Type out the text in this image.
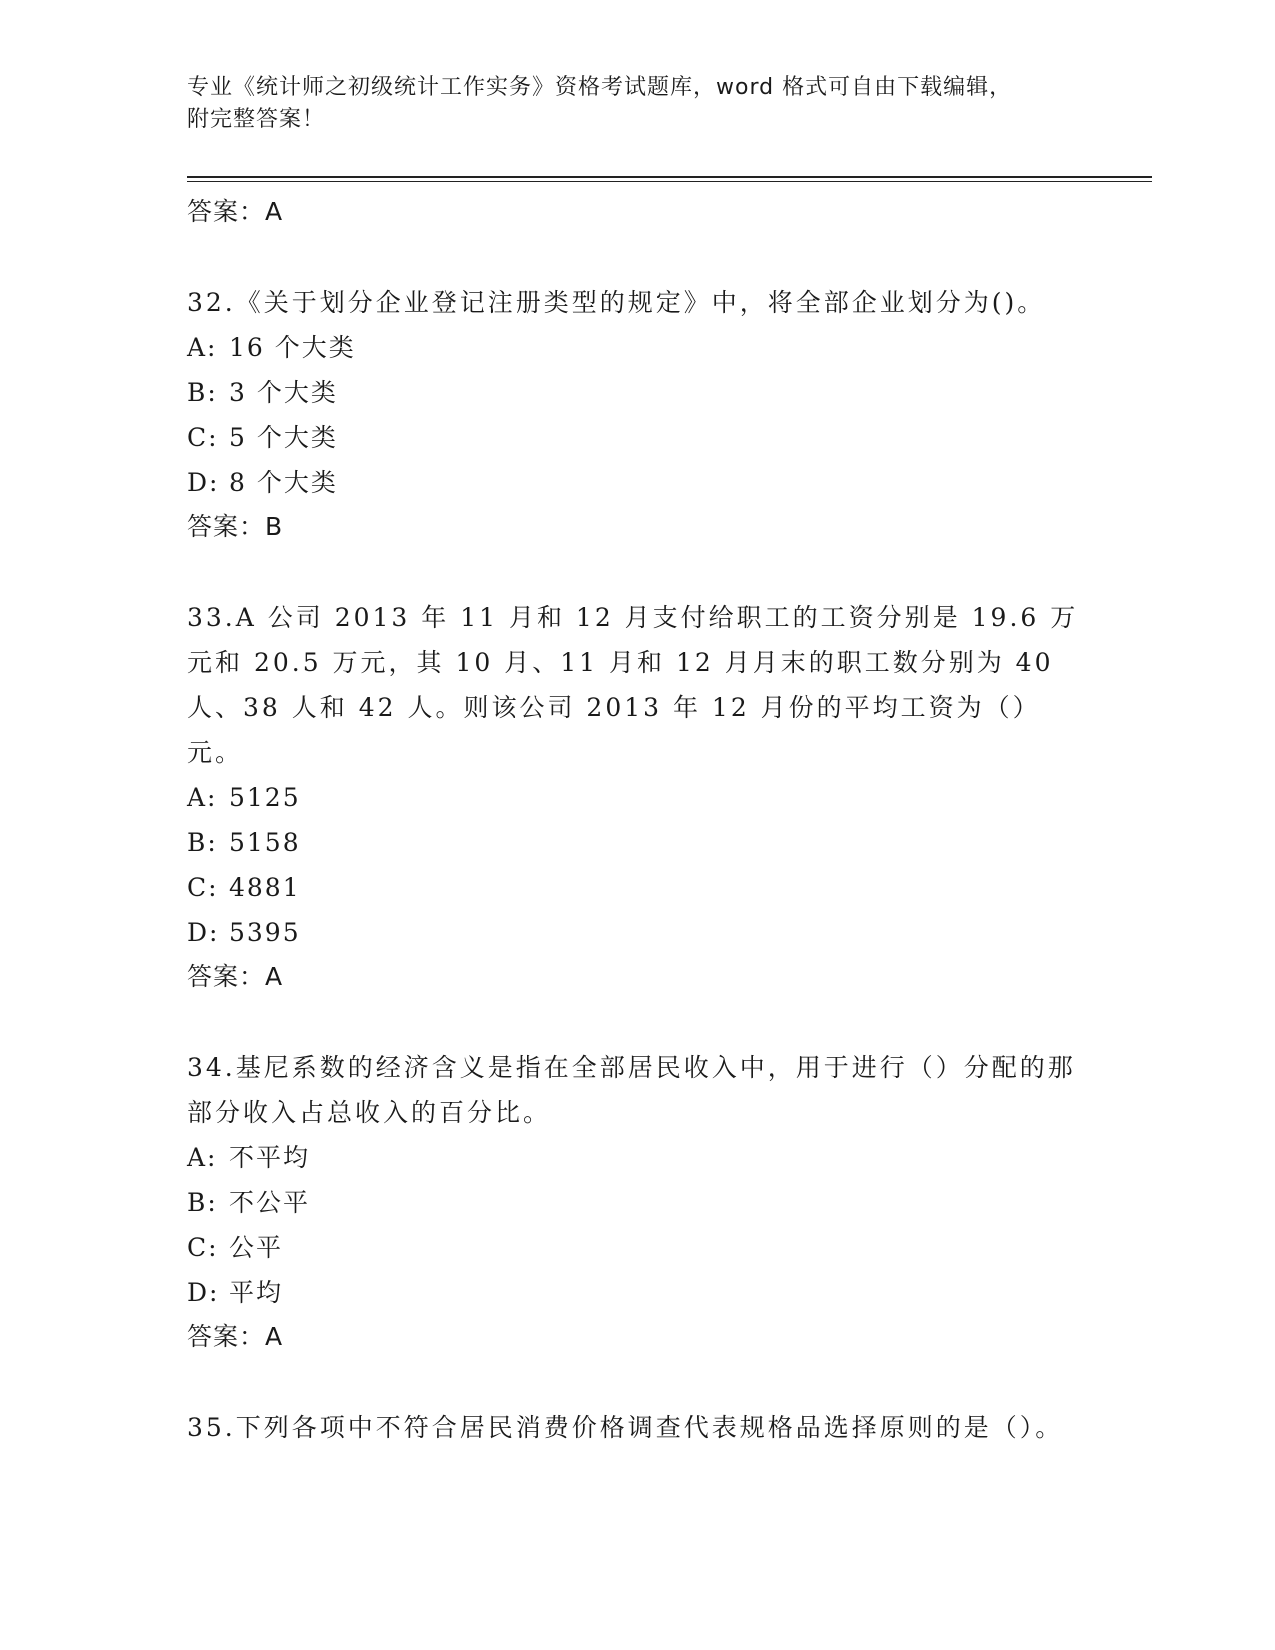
专业《统计师之初级统计工作实务》资格考试题库，word 格式可自由下载编辑，
附完整答案！
答案：A
32.《关于划分企业登记注册类型的规定》中，将全部企业划分为()。
A: 16 个大类
B: 3 个大类
C: 5 个大类
D: 8 个大类
答案：B
33.A 公司 2013 年 11 月和 12 月支付给职工的工资分别是 19.6 万元和 20.5 万元，其 10 月、11 月和 12 月月末的职工数分别为 40 人、38 人和 42 人。则该公司 2013 年 12 月份的平均工资为（）元。
A: 5125
B: 5158
C: 4881
D: 5395
答案：A
34.基尼系数的经济含义是指在全部居民收入中，用于进行（）分配的那部分收入占总收入的百分比。
A: 不平均
B: 不公平
C: 公平
D: 平均
答案：A
35.下列各项中不符合居民消费价格调查代表规格品选择原则的是（）。
